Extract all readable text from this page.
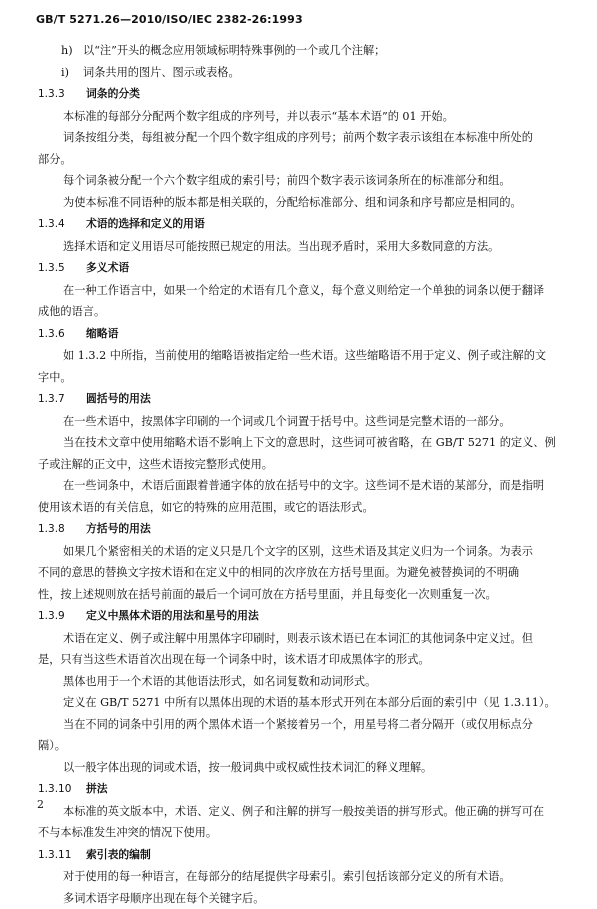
GB/T 5271.26—2010/ISO/IEC 2382-26:1993
h) 以“注”开头的概念应用领域标明特殊事例的一个或几个注解；
i) 词条共用的图片、图示或表格。
1.3.3 词条的分类
本标准的每部分分配两个数字组成的序列号，并以表示“基本术语”的 01 开始。
词条按组分类，每组被分配一个四个数字组成的序列号；前两个数字表示该组在本标准中所处的
部分。
每个词条被分配一个六个数字组成的索引号；前四个数字表示该词条所在的标准部分和组。
为使本标准不同语种的版本都是相关联的，分配给标准部分、组和词条和序号都应是相同的。
1.3.4 术语的选择和定义的用语
选择术语和定义用语尽可能按照已规定的用法。当出现矛盾时，采用大多数同意的方法。
1.3.5 多义术语
在一种工作语言中，如果一个给定的术语有几个意义，每个意义则给定一个单独的词条以便于翻译
成他的语言。
1.3.6 缩略语
如 1.3.2 中所指，当前使用的缩略语被指定给一些术语。这些缩略语不用于定义、例子或注解的文
字中。
1.3.7 圆括号的用法
在一些术语中，按黑体字印刷的一个词或几个词置于括号中。这些词是完整术语的一部分。
当在技术文章中使用缩略术语不影响上下文的意思时，这些词可被省略，在 GB/T 5271 的定义、例
子或注解的正文中，这些术语按完整形式使用。
在一些词条中，术语后面跟着普通字体的放在括号中的文字。这些词不是术语的某部分，而是指明
使用该术语的有关信息，如它的特殊的应用范围，或它的语法形式。
1.3.8 方括号的用法
如果几个紧密相关的术语的定义只是几个文字的区别，这些术语及其定义归为一个词条。为表示
不同的意思的替换文字按术语和在定义中的相同的次序放在方括号里面。为避免被替换词的不明确
性，按上述规则放在括号前面的最后一个词可放在方括号里面，并且每变化一次则重复一次。
1.3.9 定义中黑体术语的用法和星号的用法
术语在定义、例子或注解中用黑体字印刷时，则表示该术语已在本词汇的其他词条中定义过。但
是，只有当这些术语首次出现在每一个词条中时，该术语才印成黑体字的形式。
黑体也用于一个术语的其他语法形式，如名词复数和动词形式。
定义在 GB/T 5271 中所有以黑体出现的术语的基本形式开列在本部分后面的索引中（见 1.3.11）。
当在不同的词条中引用的两个黑体术语一个紧接着另一个，用星号将二者分隔开（或仅用标点分
隔）。
以一般字体出现的词或术语，按一般词典中或权威性技术词汇的释义理解。
1.3.10 拼法
本标准的英文版本中，术语、定义、例子和注解的拼写一般按美语的拼写形式。他正确的拼写可在
不与本标准发生冲突的情况下使用。
1.3.11 索引表的编制
对于使用的每一种语言，在每部分的结尾提供字母索引。索引包括该部分定义的所有术语。
多词术语字母顺序出现在每个关键字后。
2
